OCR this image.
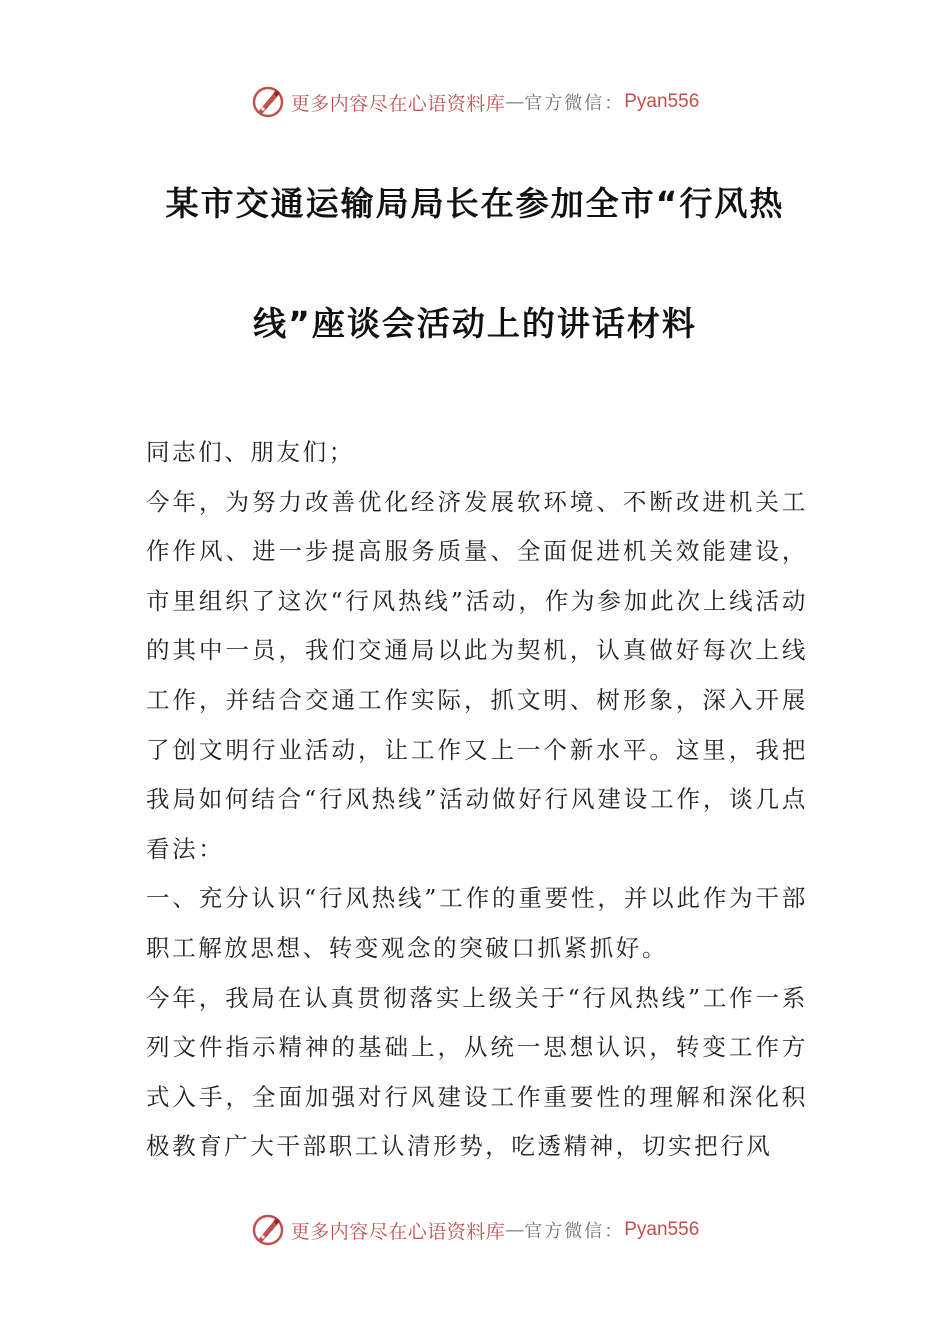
更多内容尽在心语资料库 — 官方微信： Pyan556
某市交通运输局局长在参加全市“行风热
线”座谈会活动上的讲话材料

同志们、朋友们；

今年，为努力改善优化经济发展软环境、不断改进机关工作作风、进一步提高服务质量、全面促进机关效能建设，市里组织了这次“行风热线”活动，作为参加此次上线活动的其中一员，我们交通局以此为契机，认真做好每次上线工作，并结合交通工作实际，抓文明、树形象，深入开展了创文明行业活动，让工作又上一个新水平。这里，我把我局如何结合“行风热线”活动做好行风建设工作，谈几点看法：

一、充分认识“行风热线”工作的重要性，并以此作为干部职工解放思想、转变观念的突破口抓紧抓好。

今年，我局在认真贯彻落实上级关于“行风热线”工作一系列文件指示精神的基础上，从统一思想认识，转变工作方式入手，全面加强对行风建设工作重要性的理解和深化积极教育广大干部职工认清形势，吃透精神，切实把行风

更多内容尽在心语资料库 — 官方微信： Pyan556
